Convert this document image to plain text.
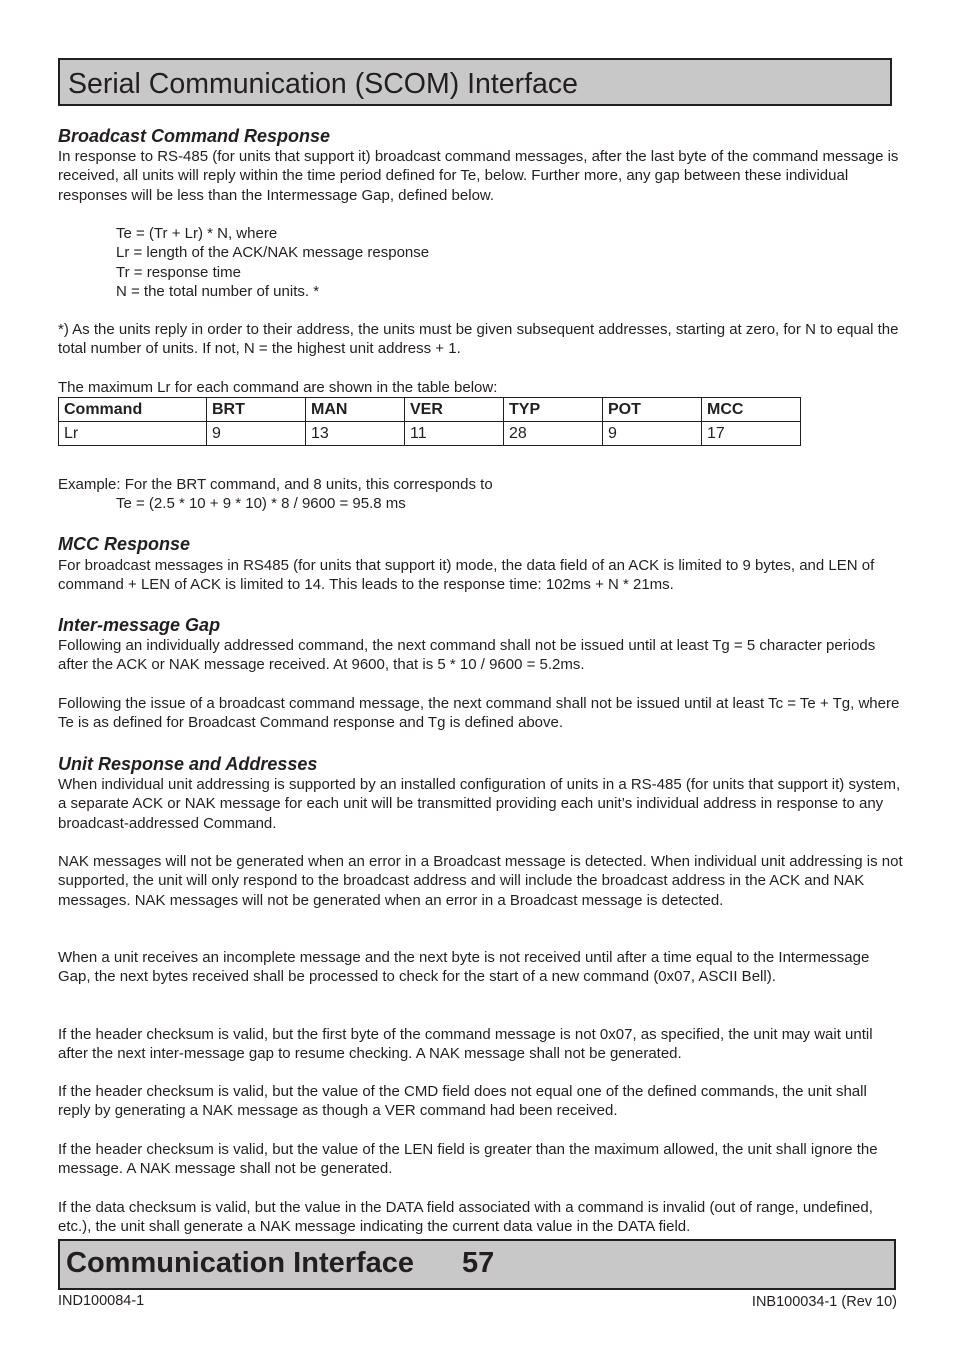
Serial Communication (SCOM) Interface
Broadcast Command Response

In response to RS-485 (for units that support it) broadcast command messages, after the last byte of the command message is received, all units will reply within the time period defined for Te, below. Further more, any gap between these individual responses will be less than the Intermessage Gap, defined below.

Te = (Tr + Lr) * N, where
Lr = length of the ACK/NAK message response
Tr = response time
N = the total number of units. *

*) As the units reply in order to their address, the units must be given subsequent addresses, starting at zero, for N to equal the total number of units. If not, N = the highest unit address + 1.

The maximum Lr for each command are shown in the table below:
Command	BRT	MAN	VER	TYP	POT	MCC
Lr	9	13	11	28	9	17
Example: For the BRT command, and 8 units, this corresponds to
Te = (2.5 * 10 + 9 * 10) * 8 / 9600 = 95.8 ms
MCC Response

For broadcast messages in RS485 (for units that support it) mode, the data field of an ACK is limited to 9 bytes, and LEN of command + LEN of ACK is limited to 14. This leads to the response time: 102ms + N * 21ms.

Inter-message Gap

Following an individually addressed command, the next command shall not be issued until at least Tg = 5 character periods after the ACK or NAK message received. At 9600, that is 5 * 10 / 9600 = 5.2ms.

Following the issue of a broadcast command message, the next command shall not be issued until at least Tc = Te + Tg, where Te is as defined for Broadcast Command response and Tg is defined above.

Unit Response and Addresses

When individual unit addressing is supported by an installed configuration of units in a RS-485 (for units that support it) system, a separate ACK or NAK message for each unit will be transmitted providing each unit’s individual address in response to any broadcast-addressed Command.

NAK messages will not be generated when an error in a Broadcast message is detected. When individual unit addressing is not supported, the unit will only respond to the broadcast address and will include the broadcast address in the ACK and NAK messages. NAK messages will not be generated when an error in a Broadcast message is detected.

When a unit receives an incomplete message and the next byte is not received until after a time equal to the Intermessage Gap, the next bytes received shall be processed to check for the start of a new command (0x07, ASCII Bell).

If the header checksum is valid, but the first byte of the command message is not 0x07, as specified, the unit may wait until after the next inter-message gap to resume checking. A NAK message shall not be generated.

If the header checksum is valid, but the value of the CMD field does not equal one of the defined commands, the unit shall reply by generating a NAK message as though a VER command had been received.

If the header checksum is valid, but the value of the LEN field is greater than the maximum allowed, the unit shall ignore the message. A NAK message shall not be generated.

If the data checksum is valid, but the value in the DATA field associated with a command is invalid (out of range, undefined, etc.), the unit shall generate a NAK message indicating the current data value in the DATA field.

Communication Interface 57
IND100084-1	INB100034-1 (Rev 10)
